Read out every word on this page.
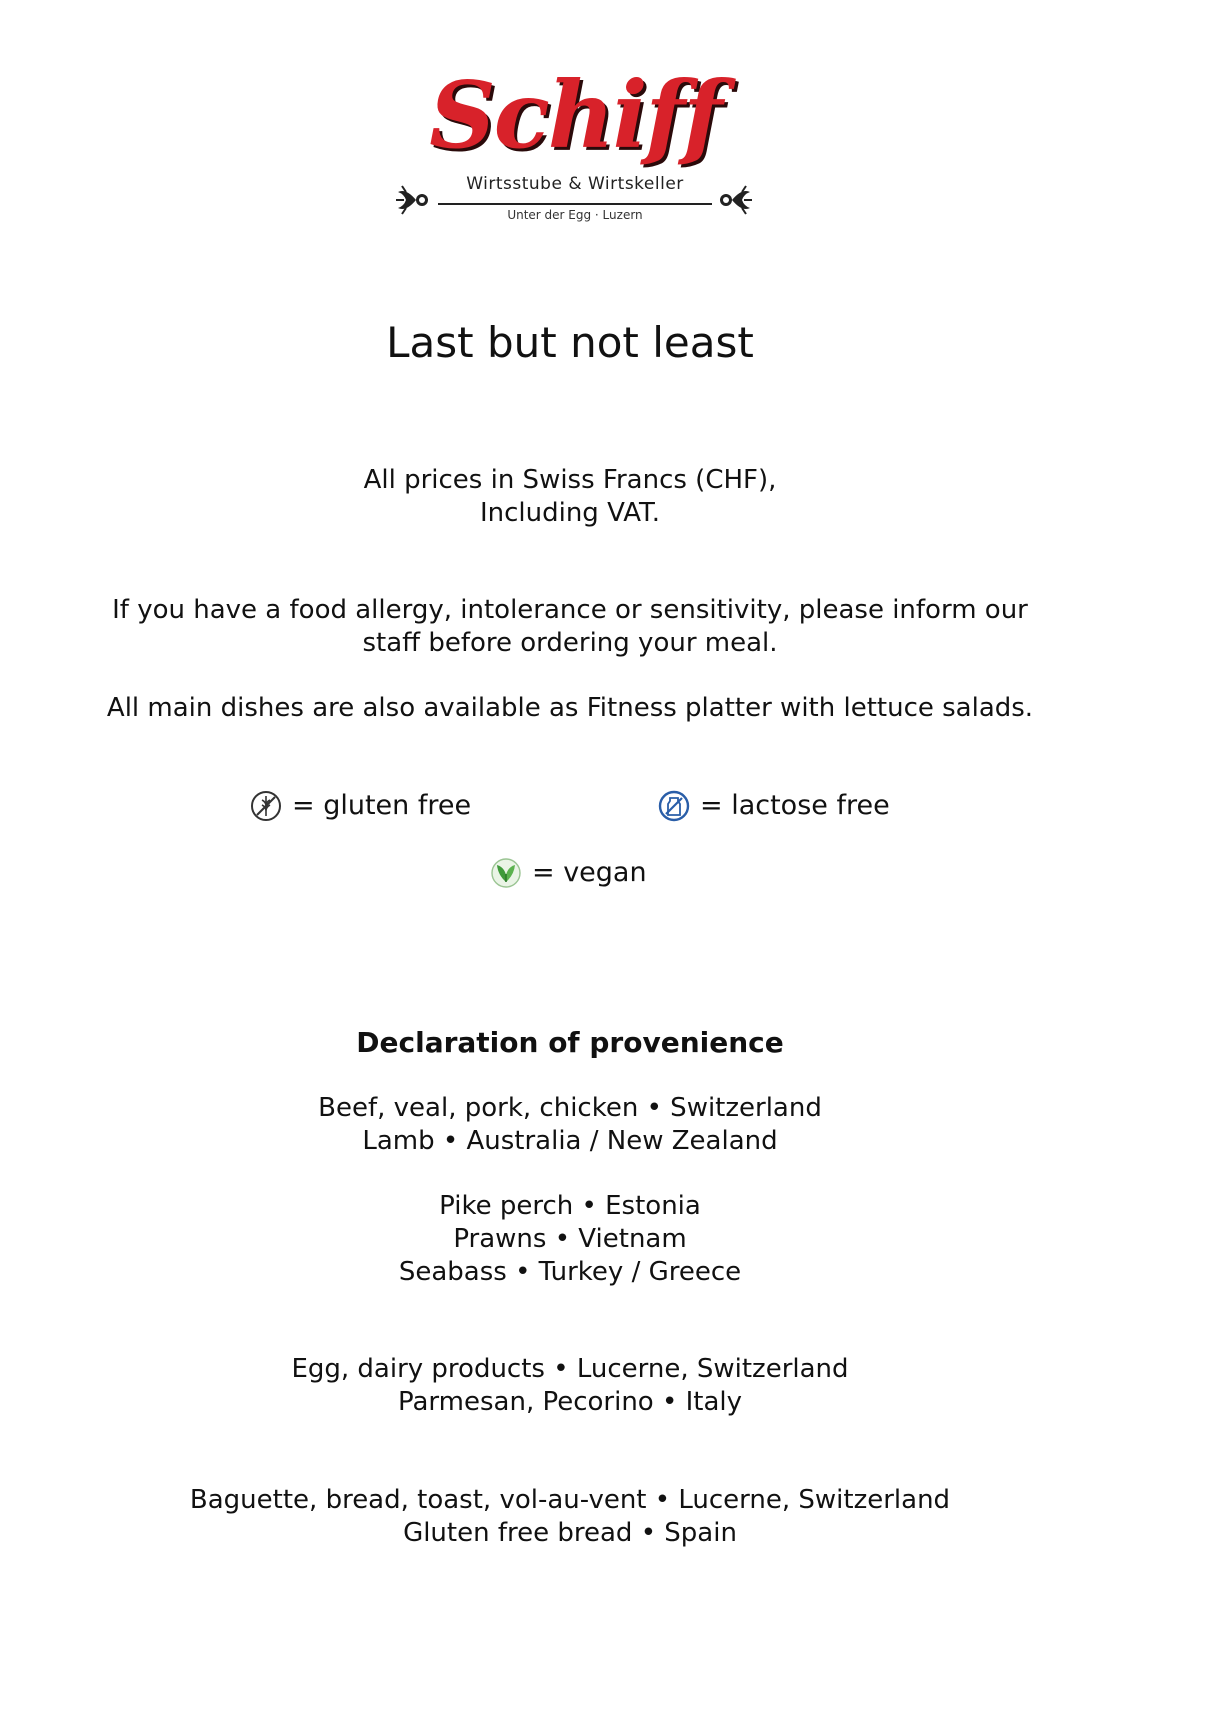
Schiff
Wirtsstube & Wirtskeller
Unter der Egg · Luzern
Last but not least
All prices in Swiss Francs (CHF),
Including VAT.
If you have a food allergy, intolerance or sensitivity, please inform our
staff before ordering your meal.
All main dishes are also available as Fitness platter with lettuce salads.
= gluten free	= lactose free
= vegan
Declaration of provenience
Beef, veal, pork, chicken • Switzerland
Lamb • Australia / New Zealand
Pike perch • Estonia
Prawns • Vietnam
Seabass • Turkey / Greece
Egg, dairy products • Lucerne, Switzerland
Parmesan, Pecorino • Italy
Baguette, bread, toast, vol-au-vent • Lucerne, Switzerland
Gluten free bread • Spain
